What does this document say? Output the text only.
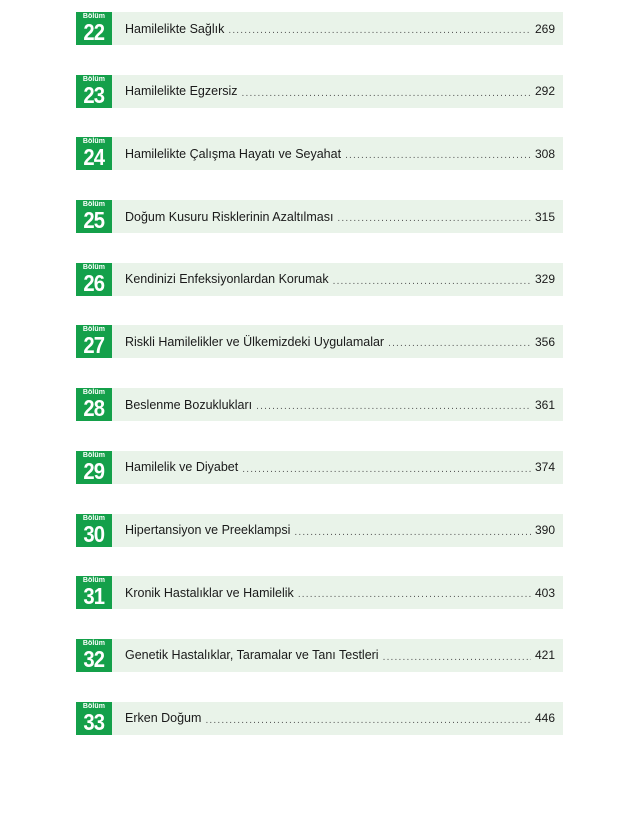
Bölüm
22 Hamilelikte Sağlık .....	269
Bölüm
23 Hamilelikte Egzersiz .....	292
Bölüm
24 Hamilelikte Çalışma Hayatı ve Seyahat .....	308
Bölüm
25 Doğum Kusuru Risklerinin Azaltılması .....	315
Bölüm
26 Kendinizi Enfeksiyonlardan Korumak .....	329
Bölüm
27 Riskli Hamilelikler ve Ülkemizdeki Uygulamalar .....	356
Bölüm
28 Beslenme Bozuklukları .....	361
Bölüm
29 Hamilelik ve Diyabet .....	374
Bölüm
30 Hipertansiyon ve Preeklampsi .....	390
Bölüm
31 Kronik Hastalıklar ve Hamilelik .....	403
Bölüm
32 Genetik Hastalıklar, Taramalar ve Tanı Testleri .....	421
Bölüm
33 Erken Doğum .....	446
